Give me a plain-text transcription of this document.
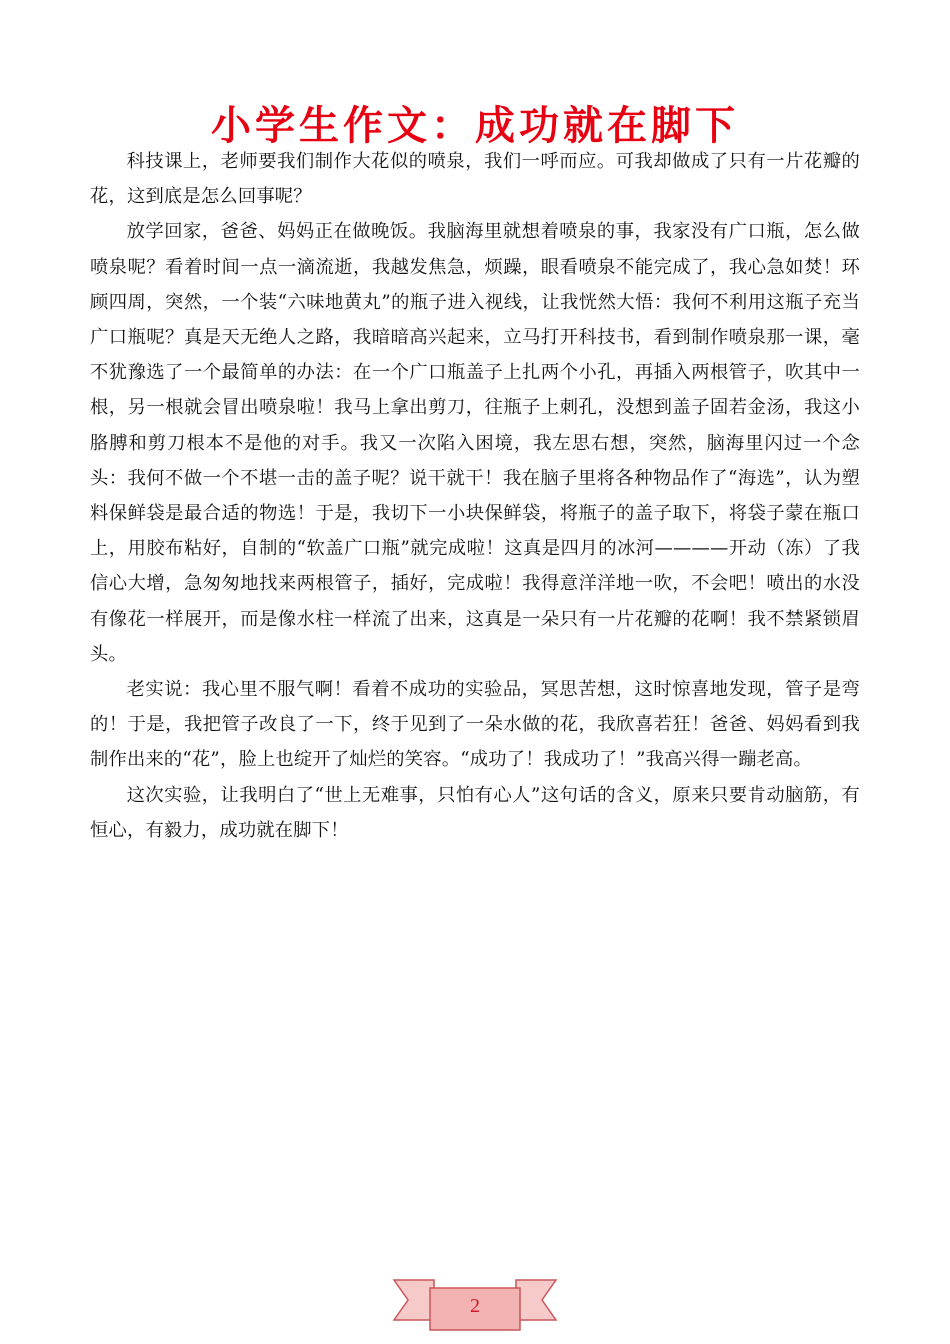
小学生作文：成功就在脚下

科技课上，老师要我们制作大花似的喷泉，我们一呼而应。可我却做成了只有一片花瓣的花，这到底是怎么回事呢？

放学回家，爸爸、妈妈正在做晚饭。我脑海里就想着喷泉的事，我家没有广口瓶，怎么做喷泉呢？看着时间一点一滴流逝，我越发焦急，烦躁，眼看喷泉不能完成了，我心急如焚！环顾四周，突然，一个装“六味地黄丸”的瓶子进入视线，让我恍然大悟：我何不利用这瓶子充当广口瓶呢？真是天无绝人之路，我暗暗高兴起来，立马打开科技书，看到制作喷泉那一课，毫不犹豫选了一个最简单的办法：在一个广口瓶盖子上扎两个小孔，再插入两根管子，吹其中一根，另一根就会冒出喷泉啦！我马上拿出剪刀，往瓶子上刺孔，没想到盖子固若金汤，我这小胳膊和剪刀根本不是他的对手。我又一次陷入困境，我左思右想，突然，脑海里闪过一个念头：我何不做一个不堪一击的盖子呢？说干就干！我在脑子里将各种物品作了“海选”，认为塑料保鲜袋是最合适的物选！于是，我切下一小块保鲜袋，将瓶子的盖子取下，将袋子蒙在瓶口上，用胶布粘好，自制的“软盖广口瓶”就完成啦！这真是四月的冰河————开动（冻）了我信心大增，急匆匆地找来两根管子，插好，完成啦！我得意洋洋地一吹，不会吧！喷出的水没有像花一样展开，而是像水柱一样流了出来，这真是一朵只有一片花瓣的花啊！我不禁紧锁眉头。

老实说：我心里不服气啊！看着不成功的实验品，冥思苦想，这时惊喜地发现，管子是弯的！于是，我把管子改良了一下，终于见到了一朵水做的花，我欣喜若狂！爸爸、妈妈看到我制作出来的“花”，脸上也绽开了灿烂的笑容。“成功了！我成功了！”我高兴得一蹦老高。

这次实验，让我明白了“世上无难事，只怕有心人”这句话的含义，原来只要肯动脑筋，有恒心，有毅力，成功就在脚下！

2
